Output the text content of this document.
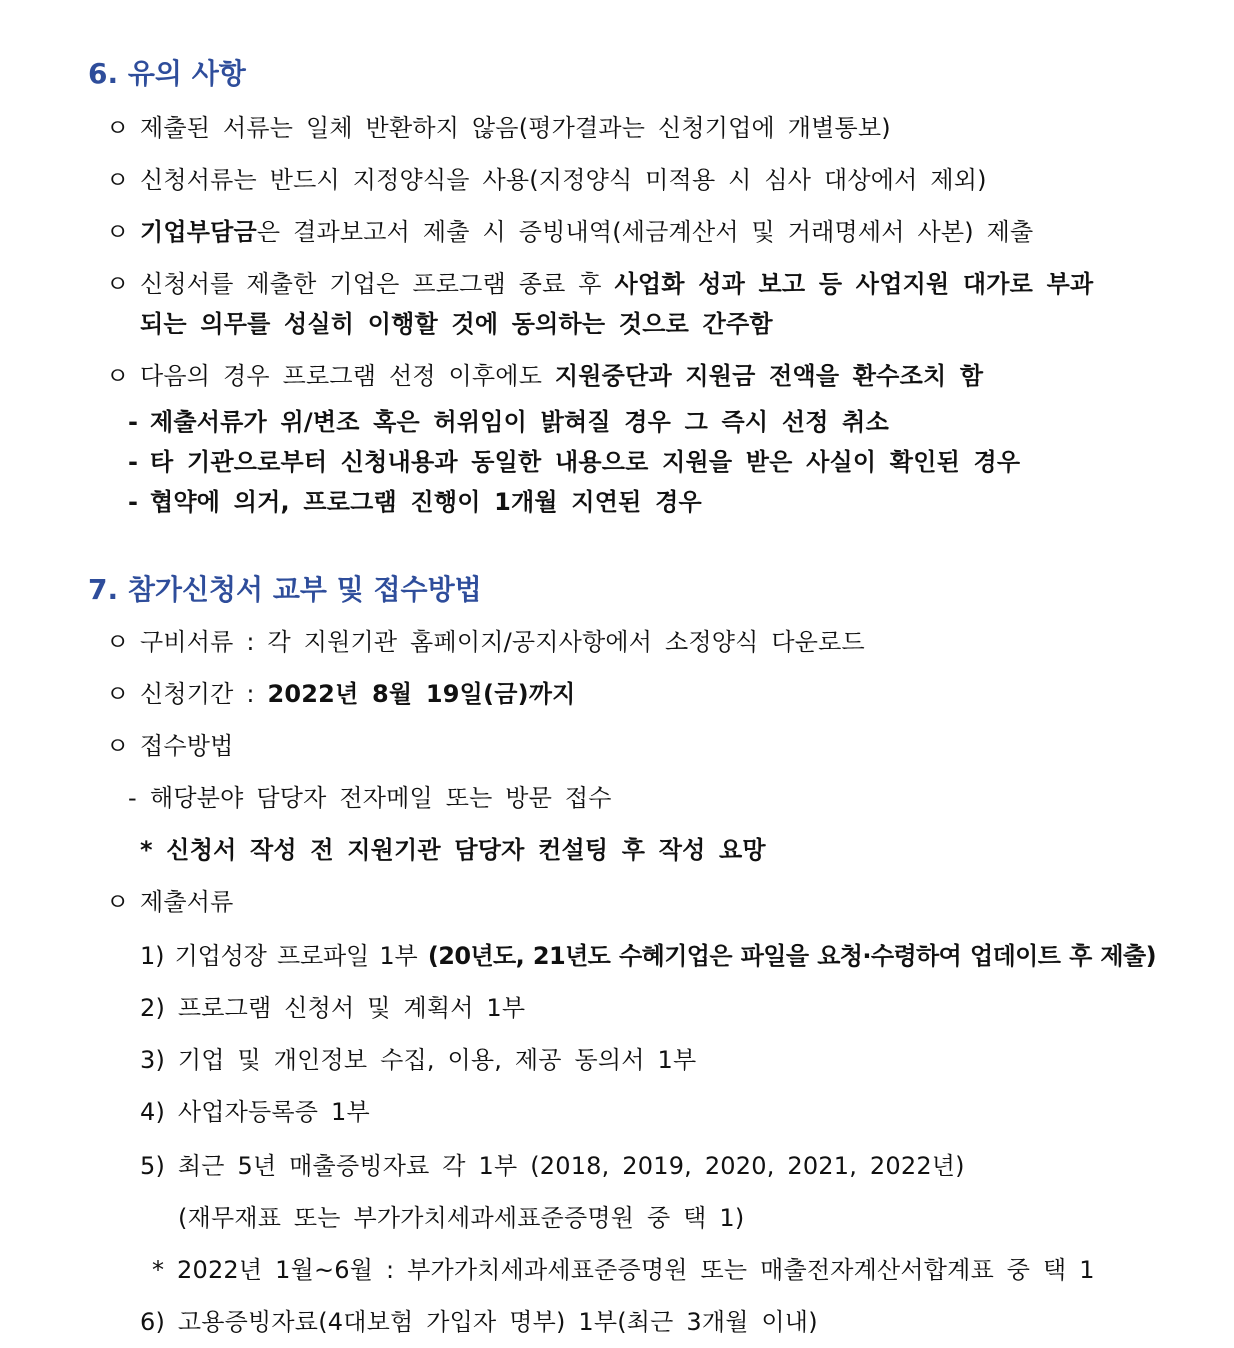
6. 유의 사항
ㅇ 제출된 서류는 일체 반환하지 않음(평가결과는 신청기업에 개별통보)
ㅇ 신청서류는 반드시 지정양식을 사용(지정양식 미적용 시 심사 대상에서 제외)
ㅇ 기업부담금은 결과보고서 제출 시 증빙내역(세금계산서 및 거래명세서 사본) 제출
ㅇ 신청서를 제출한 기업은 프로그램 종료 후 사업화 성과 보고 등 사업지원 대가로 부과
되는 의무를 성실히 이행할 것에 동의하는 것으로 간주함
ㅇ 다음의 경우 프로그램 선정 이후에도 지원중단과 지원금 전액을 환수조치 함
- 제출서류가 위/변조 혹은 허위임이 밝혀질 경우 그 즉시 선정 취소
- 타 기관으로부터 신청내용과 동일한 내용으로 지원을 받은 사실이 확인된 경우
- 협약에 의거, 프로그램 진행이 1개월 지연된 경우
7. 참가신청서 교부 및 접수방법
ㅇ 구비서류 : 각 지원기관 홈페이지/공지사항에서 소정양식 다운로드
ㅇ 신청기간 : 2022년 8월 19일(금)까지
ㅇ 접수방법
- 해당분야 담당자 전자메일 또는 방문 접수
* 신청서 작성 전 지원기관 담당자 컨설팅 후 작성 요망
ㅇ 제출서류
1) 기업성장 프로파일 1부 (20년도, 21년도 수혜기업은 파일을 요청·수령하여 업데이트 후 제출)
2) 프로그램 신청서 및 계획서 1부
3) 기업 및 개인정보 수집, 이용, 제공 동의서 1부
4) 사업자등록증 1부
5) 최근 5년 매출증빙자료 각 1부 (2018, 2019, 2020, 2021, 2022년)
(재무재표 또는 부가가치세과세표준증명원 중 택 1)
* 2022년 1월~6월 : 부가가치세과세표준증명원 또는 매출전자계산서합계표 중 택 1
6) 고용증빙자료(4대보험 가입자 명부) 1부(최근 3개월 이내)
